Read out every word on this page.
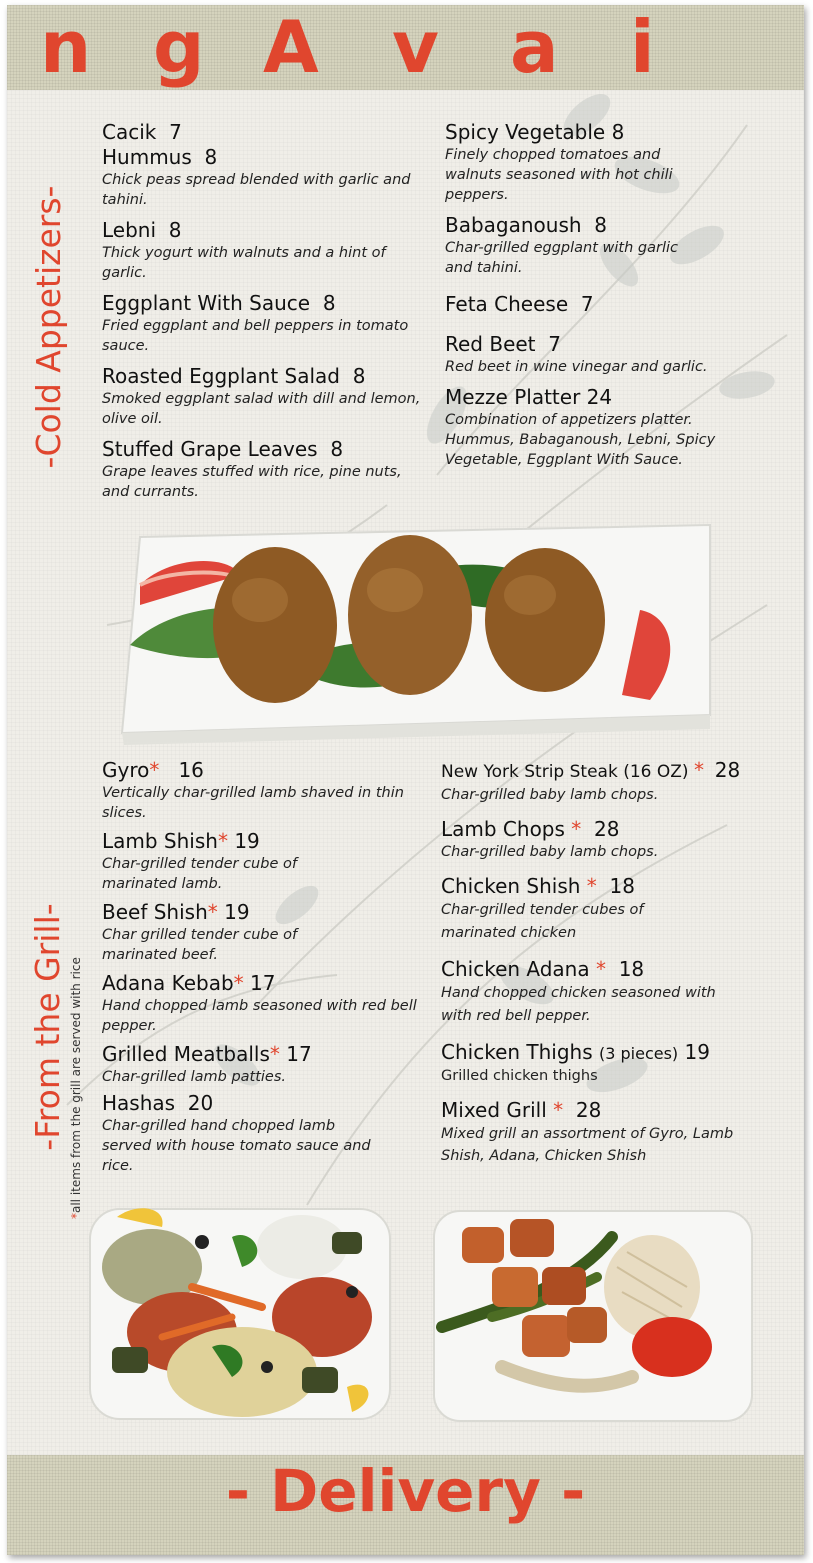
n g A v a i
-Cold Appetizers-
-From the Grill-
*all items from the grill are served with rice
Cacik 7
Hummus 8
Chick peas spread blended with garlic and tahini.
Lebni 8
Thick yogurt with walnuts and a hint of garlic.
Eggplant With Sauce 8
Fried eggplant and bell peppers in tomato sauce.
Roasted Eggplant Salad 8
Smoked eggplant salad with dill and lemon, olive oil.
Stuffed Grape Leaves 8
Grape leaves stuffed with rice, pine nuts, and currants.
Spicy Vegetable 8
Finely chopped tomatoes and walnuts seasoned with hot chili peppers.
Babaganoush 8
Char-grilled eggplant with garlic and tahini.
Feta Cheese 7
Red Beet 7
Red beet in wine vinegar and garlic.
Mezze Platter 24
Combination of appetizers platter. Hummus, Babaganoush, Lebni, Spicy Vegetable, Eggplant With Sauce.
Gyro* 16
Vertically char-grilled lamb shaved in thin slices.
Lamb Shish* 19
Char-grilled tender cube of marinated lamb.
Beef Shish* 19
Char grilled tender cube of marinated beef.
Adana Kebab* 17
Hand chopped lamb seasoned with red bell pepper.
Grilled Meatballs* 17
Char-grilled lamb patties.
Hashas 20
Char-grilled hand chopped lamb served with house tomato sauce and rice.
New York Strip Steak (16 OZ) * 28
Char-grilled baby lamb chops.
Lamb Chops * 28
Char-grilled baby lamb chops.
Chicken Shish * 18
Char-grilled tender cubes of marinated chicken
Chicken Adana * 18
Hand chopped chicken seasoned with with red bell pepper.
Chicken Thighs (3 pieces) 19
Grilled chicken thighs
Mixed Grill * 28
Mixed grill an assortment of Gyro, Lamb Shish, Adana, Chicken Shish
- Delivery -
